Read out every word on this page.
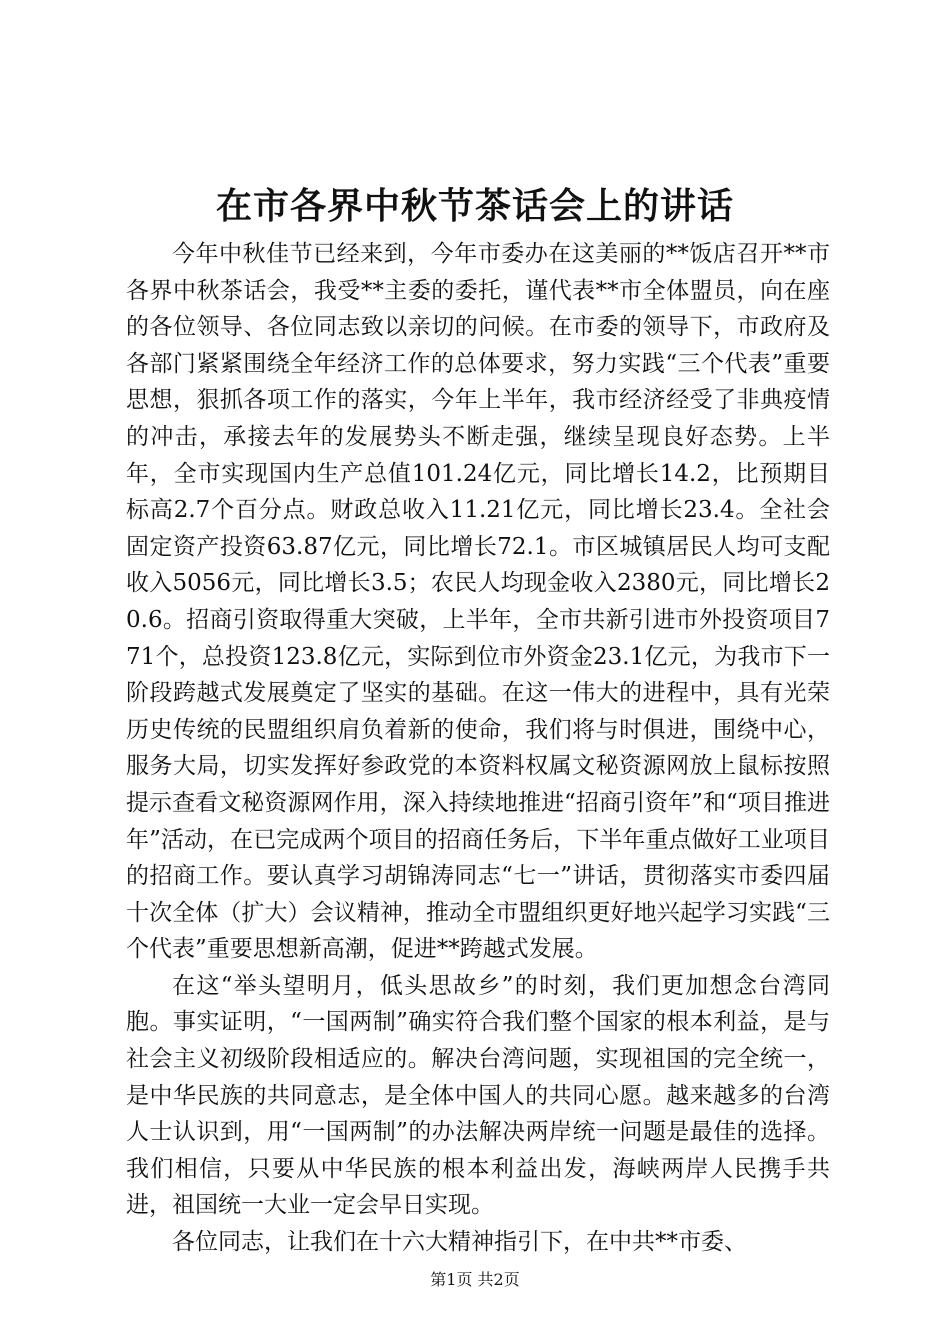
在市各界中秋节茶话会上的讲话

今年中秋佳节已经来到，今年市委办在这美丽的**饭店召开**市各界中秋茶话会，我受**主委的委托，谨代表**市全体盟员，向在座的各位领导、各位同志致以亲切的问候。在市委的领导下，市政府及各部门紧紧围绕全年经济工作的总体要求，努力实践“三个代表”重要思想，狠抓各项工作的落实，今年上半年，我市经济经受了非典疫情的冲击，承接去年的发展势头不断走强，继续呈现良好态势。上半年，全市实现国内生产总值101.24亿元，同比增长14.2，比预期目标高2.7个百分点。财政总收入11.21亿元，同比增长23.4。全社会固定资产投资63.87亿元，同比增长72.1。市区城镇居民人均可支配收入5056元，同比增长3.5；农民人均现金收入2380元，同比增长20.6。招商引资取得重大突破，上半年，全市共新引进市外投资项目771个，总投资123.8亿元，实际到位市外资金23.1亿元，为我市下一阶段跨越式发展奠定了坚实的基础。在这一伟大的进程中，具有光荣历史传统的民盟组织肩负着新的使命，我们将与时俱进，围绕中心，服务大局，切实发挥好参政党的本资料权属文秘资源网放上鼠标按照提示查看文秘资源网作用，深入持续地推进“招商引资年”和“项目推进年”活动，在已完成两个项目的招商任务后，下半年重点做好工业项目的招商工作。要认真学习胡锦涛同志“七一”讲话，贯彻落实市委四届十次全体（扩大）会议精神，推动全市盟组织更好地兴起学习实践“三个代表”重要思想新高潮，促进**跨越式发展。

在这“举头望明月，低头思故乡”的时刻，我们更加想念台湾同胞。事实证明，“一国两制”确实符合我们整个国家的根本利益，是与社会主义初级阶段相适应的。解决台湾问题，实现祖国的完全统一，是中华民族的共同意志，是全体中国人的共同心愿。越来越多的台湾人士认识到，用“一国两制”的办法解决两岸统一问题是最佳的选择。我们相信，只要从中华民族的根本利益出发，海峡两岸人民携手共进，祖国统一大业一定会早日实现。

各位同志，让我们在十六大精神指引下，在中共**市委、

第1页 共2页
